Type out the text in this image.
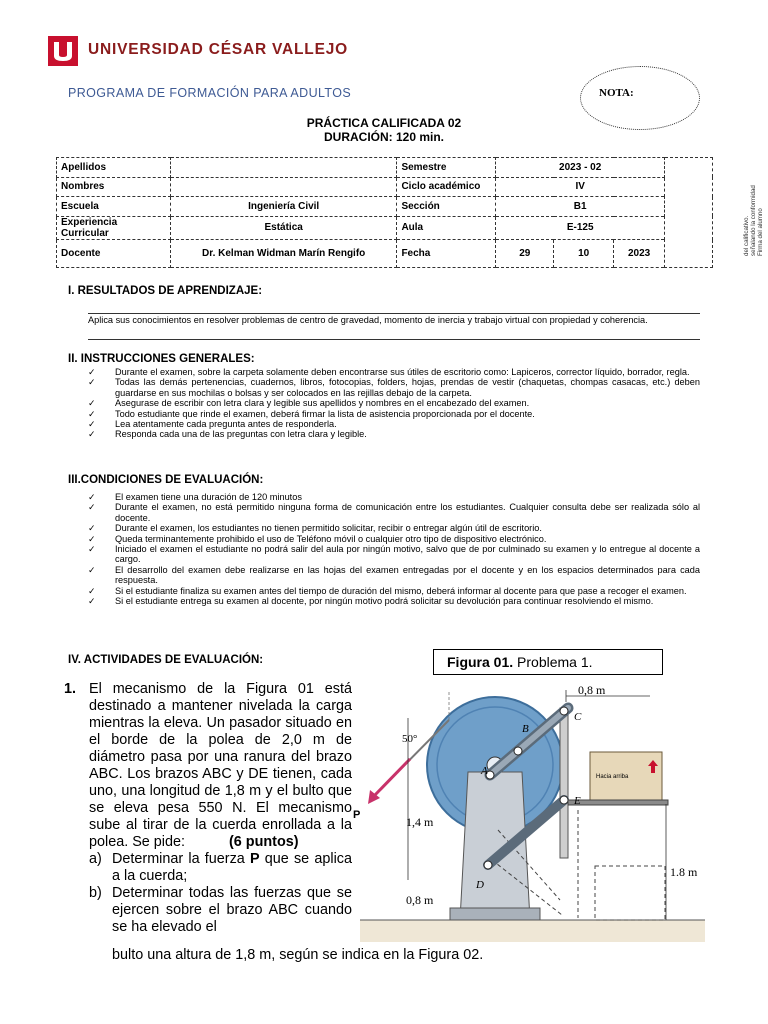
UNIVERSIDAD CÉSAR VALLEJO
PROGRAMA DE FORMACIÓN PARA ADULTOS	NOTA:
PRÁCTICA CALIFICADA 02
DURACIÓN: 120 min.
Apellidos		Semestre	2023 - 02			
Nombres		Ciclo académico	IV			
Escuela	Ingeniería Civil	Sección	B1			
Experiencia Curricular	Estática	Aula	E-125			
Docente	Dr. Kelman Widman Marín Rengifo	Fecha	29	10	2023		Firma del alumno
señalando la conformidad
del calificativo.
I. RESULTADOS DE APRENDIZAJE:
Aplica sus conocimientos en resolver problemas de centro de gravedad, momento de inercia y trabajo virtual con propiedad y coherencia.
II. INSTRUCCIONES GENERALES:
✓ Durante el examen, sobre la carpeta solamente deben encontrarse sus útiles de escritorio como: Lapiceros, corrector líquido, borrador, regla.
✓ Todas las demás pertenencias, cuadernos, libros, fotocopias, folders, hojas, prendas de vestir (chaquetas, chompas casacas, etc.) deben guardarse en sus mochilas o bolsas y ser colocados en las rejillas debajo de la carpeta.
✓ Asegurase de escribir con letra clara y legible sus apellidos y nombres en el encabezado del examen.
✓ Todo estudiante que rinde el examen, deberá firmar la lista de asistencia proporcionada por el docente.
✓ Lea atentamente cada pregunta antes de responderla.
✓ Responda cada una de las preguntas con letra clara y legible.
III.CONDICIONES DE EVALUACIÓN:
✓ El examen tiene una duración de 120 minutos
✓ Durante el examen, no está permitido ninguna forma de comunicación entre los estudiantes. Cualquier consulta debe ser realizada sólo al docente.
✓ Durante el examen, los estudiantes no tienen permitido solicitar, recibir o entregar algún útil de escritorio.
✓ Queda terminantemente prohibido el uso de Teléfono móvil o cualquier otro tipo de dispositivo electrónico.
✓ Iniciado el examen el estudiante no podrá salir del aula por ningún motivo, salvo que de por culminado su examen y lo entregue al docente a cargo.
✓ El desarrollo del examen debe realizarse en las hojas del examen entregadas por el docente y en los espacios determinados para cada respuesta.
✓ Si el estudiante finaliza su examen antes del tiempo de duración del mismo, deberá informar al docente para que pase a recoger el examen.
✓ Si el estudiante entrega su examen al docente, por ningún motivo podrá solicitar su devolución para continuar resolviendo el mismo.
IV. ACTIVIDADES DE EVALUACIÓN:	Figura 01. Problema 1.
1. El mecanismo de la Figura 01 está destinado a mantener nivelada la carga mientras la eleva. Un pasador situado en el borde de la polea de 2,0 m de diámetro pasa por una ranura del brazo ABC. Los brazos ABC y DE tienen, cada uno, una longitud de 1,8 m y el bulto que se eleva pesa 550 N. El mecanismo sube al tirar de la cuerda enrollada a la polea. Se pide:	(6 puntos)
a) Determinar la fuerza P que se aplica a la cuerda;
b) Determinar todas las fuerzas que se ejercen sobre el brazo ABC cuando se ha elevado el
bulto una altura de 1,8 m, según se indica en la Figura 02.
Hacia arriba
P
50°
0,8 m
1,4 m
0,8 m
1.8 m
A
B
C
D
E
